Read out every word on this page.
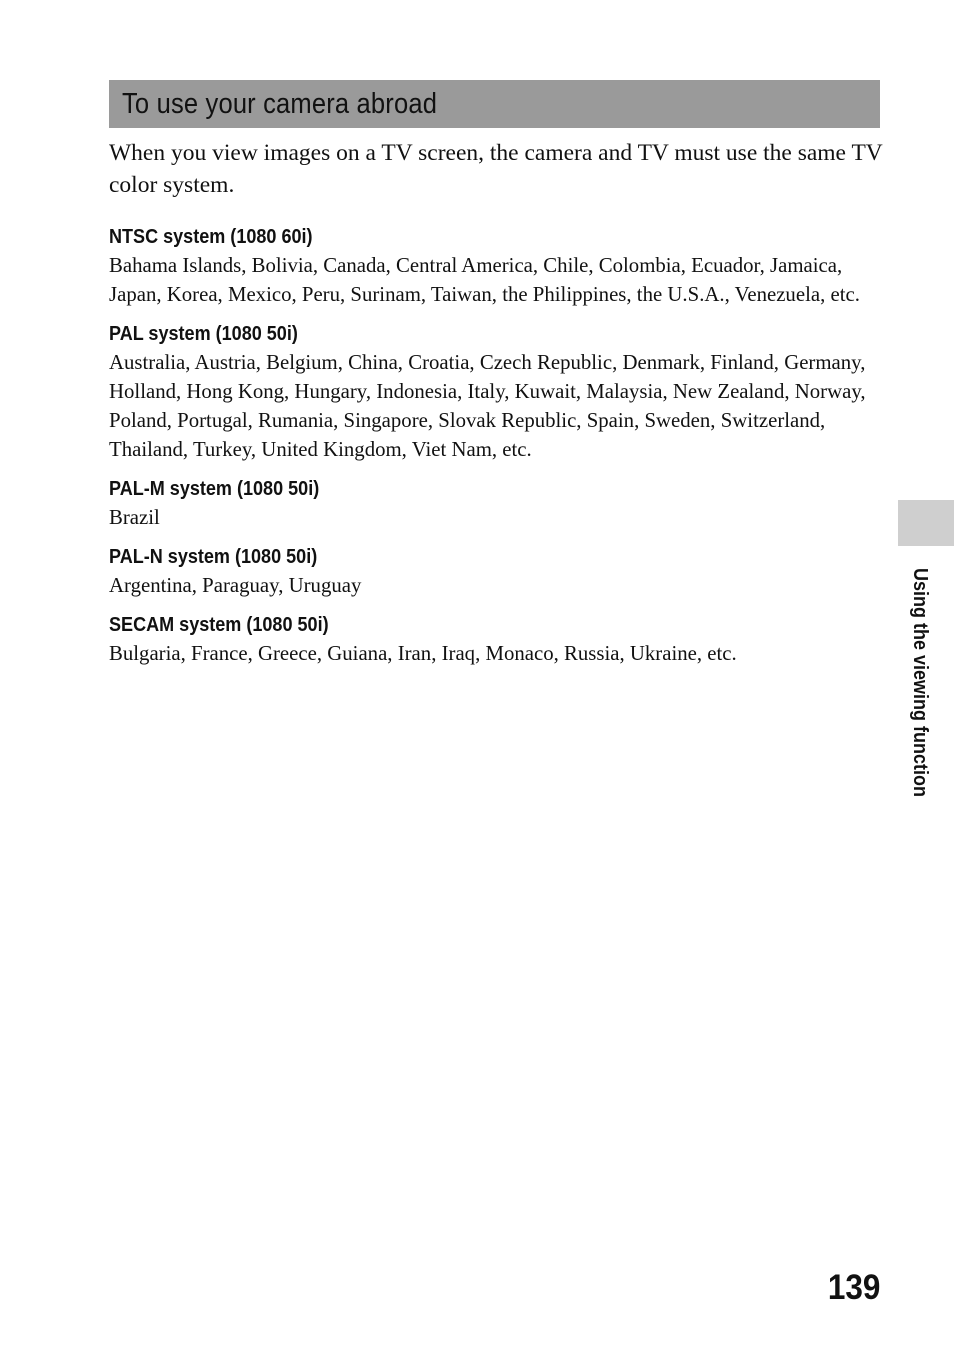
To use your camera abroad

When you view images on a TV screen, the camera and TV must use the same TV color system.

NTSC system (1080 60i)

Bahama Islands, Bolivia, Canada, Central America, Chile, Colombia, Ecuador, Jamaica, Japan, Korea, Mexico, Peru, Surinam, Taiwan, the Philippines, the U.S.A., Venezuela, etc.

PAL system (1080 50i)

Australia, Austria, Belgium, China, Croatia, Czech Republic, Denmark, Finland, Germany, Holland, Hong Kong, Hungary, Indonesia, Italy, Kuwait, Malaysia, New Zealand, Norway, Poland, Portugal, Rumania, Singapore, Slovak Republic, Spain, Sweden, Switzerland, Thailand, Turkey, United Kingdom, Viet Nam, etc.

PAL-M system (1080 50i)

Brazil

PAL-N system (1080 50i)

Argentina, Paraguay, Uruguay

SECAM system (1080 50i)

Bulgaria, France, Greece, Guiana, Iran, Iraq, Monaco, Russia, Ukraine, etc.	Using the viewing function
139
